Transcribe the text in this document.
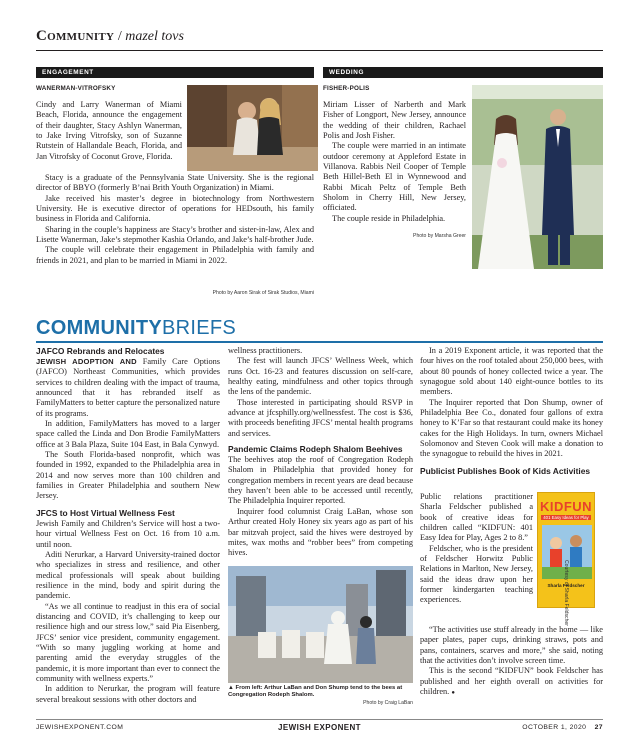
Community / mazel tovs
ENGAGEMENT
WANERMAN-VITROFSKY

Cindy and Larry Wanerman of Miami Beach, Florida, announce the engagement of their daughter, Stacy Ashlyn Wanerman, to Jake Irving Vitrofsky, son of Suzanne Rutstein of Hallandale Beach, Florida, and Jan Vitrofsky of Coconut Grove, Florida.

Stacy is a graduate of the Pennsylvania State University. She is the regional director of BBYO (formerly B’nai Brith Youth Organization) in Miami.

Jake received his master’s degree in biotechnology from Northwestern University. He is executive director of operations for HEDsouth, his family business in Florida and California.

Sharing in the couple’s happiness are Stacy’s brother and sister-in-law, Alex and Lisette Wanerman, Jake’s stepmother Kashia Orlando, and Jake’s half-brother Jude.

The couple will celebrate their engagement in Philadelphia with family and friends in 2021, and plan to be married in Miami in 2022.

Photo by Aaron Sirak of Sirak Studios, Miami
WEDDING
FISHER-POLIS

Miriam Lisser of Narberth and Mark Fisher of Longport, New Jersey, announce the wedding of their children, Rachael Polis and Josh Fisher.

The couple were married in an intimate outdoor ceremony at Appleford Estate in Villanova. Rabbis Neil Cooper of Temple Beth Hillel-Beth El in Wynnewood and Rabbi Micah Peltz of Temple Beth Sholom in Cherry Hill, New Jersey, officiated.

The couple reside in Philadelphia.

Photo by Marsha Greer
COMMUNITYBRIEFS
JAFCO Rebrands and Relocates

JEWISH ADOPTION AND Family Care Options (JAFCO) Northeast Communities, which provides services to children dealing with the impact of trauma, announced that it has rebranded itself as FamilyMatters to better capture the personalized nature of its programs.

In addition, FamilyMatters has moved to a larger space called the Linda and Don Brodie FamilyMatters office at 3 Bala Plaza, Suite 104 East, in Bala Cynwyd.

The South Florida-based nonprofit, which was founded in 1992, expanded to the Philadelphia area in 2014 and now serves more than 100 children and families in Greater Philadelphia and southern New Jersey.

JFCS to Host Virtual Wellness Fest

Jewish Family and Children’s Service will host a two-hour virtual Wellness Fest on Oct. 16 from 10 a.m. until noon.

Aditi Nerurkar, a Harvard University-trained doctor who specializes in stress and resilience, and other medical professionals will speak about building resilience in the mind, body and spirit during the pandemic.

“As we all continue to readjust in this era of social distancing and COVID, it’s challenging to keep our resilience high and our stress low,” said Pia Eisenberg, JFCS’ senior vice president, community engagement. “With so many juggling working at home and parenting amid the everyday struggles of the pandemic, it is more important than ever to connect the community with wellness experts.”

In addition to Nerurkar, the program will feature several breakout sessions with other doctors and

wellness practitioners.

The fest will launch JFCS’ Wellness Week, which runs Oct. 16-23 and features discussion on self-care, healthy eating, mindfulness and other topics through the lens of the pandemic.

Those interested in participating should RSVP in advance at jfcsphilly.org/wellnessfest. The cost is $36, with proceeds benefiting JFCS’ mental health programs and services.

Pandemic Claims Rodeph Shalom Beehives

The beehives atop the roof of Congregation Rodeph Shalom in Philadelphia that provided honey for congregation members in recent years are dead because they haven’t been able to be accessed until recently, The Philadelphia Inquirer reported.

Inquirer food columnist Craig LaBan, whose son Arthur created Holy Honey six years ago as part of his bar mitzvah project, said the hives were destroyed by mites, wax moths and “robber bees” from competing hives.

▲ From left: Arthur LaBan and Don Shump tend to the bees at Congregation Rodeph Shalom.
Photo by Craig LaBan

In a 2019 Exponent article, it was reported that the four hives on the roof totaled about 250,000 bees, with about 80 pounds of honey collected twice a year. The synagogue sold about 140 eight-ounce bottles to its members.

The Inquirer reported that Don Shump, owner of Philadelphia Bee Co., donated four gallons of extra honey to K’Far so that restaurant could make its honey cakes for the High Holidays. In turn, owners Michael Solomonov and Steven Cook will make a donation to the synagogue to rebuild the hives in 2021.

Publicist Publishes Book of Kids Activities

Public relations practitioner Sharla Feldscher published a book of creative ideas for children called “KIDFUN: 401 Easy Idea for Play, Ages 2 to 8.”

Feldscher, who is the president of Feldscher Horwitz Public Relations in Marlton, New Jersey, said the ideas draw upon her former kindergarten teaching experiences.

“The activities use stuff already in the home — like paper plates, paper cups, drinking straws, pots and pans, containers, scarves and more,” she said, noting that the activities don’t involve screen time.

This is the second “KIDFUN” book Feldscher has published and her eighth overall on activities for children. ●

KIDFUN
401 Easy Ideas for Play
Sharla Feldscher
Courtesy of Sharla Feldscher
JEWISHEXPONENT.COM	JEWISH EXPONENT	OCTOBER 1, 2020 27
